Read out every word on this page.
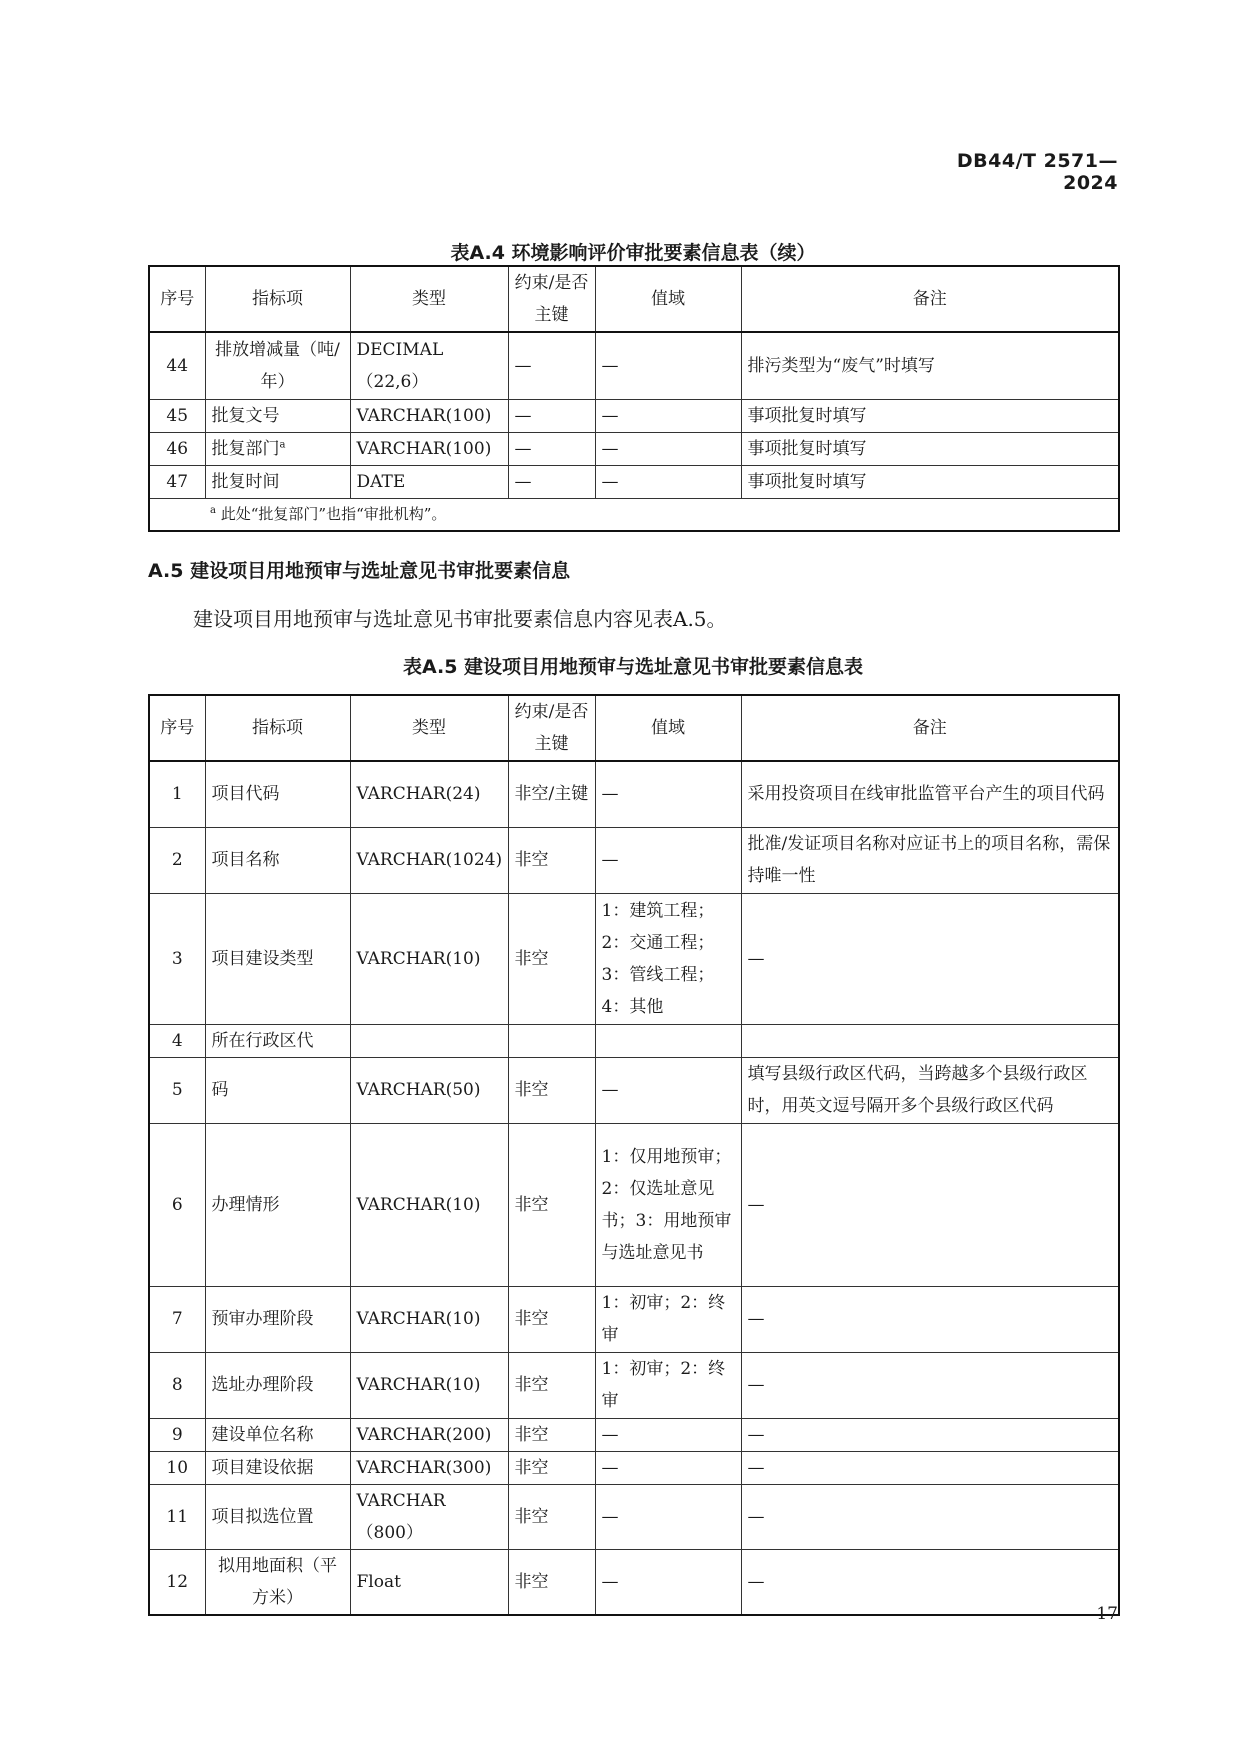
DB44/T 2571—2024
表A.4 环境影响评价审批要素信息表（续）
序号	指标项	类型	约束/是否主键	值域	备注
44	排放增减量（吨/年）	DECIMAL（22,6）	—	—	排污类型为“废气”时填写
45	批复文号	VARCHAR(100)	—	—	事项批复时填写
46	批复部门$^a$	VARCHAR(100)	—	—	事项批复时填写
47	批复时间	DATE	—	—	事项批复时填写
$^a$ 此处“批复部门”也指“审批机构”。					
A.5 建设项目用地预审与选址意见书审批要素信息
建设项目用地预审与选址意见书审批要素信息内容见表A.5。
表A.5 建设项目用地预审与选址意见书审批要素信息表
序号	指标项	类型	约束/是否主键	值域	备注
1	项目代码	VARCHAR(24)	非空/主键	—	采用投资项目在线审批监管平台产生的项目代码
2	项目名称	VARCHAR(1024)	非空	—	批准/发证项目名称对应证书上的项目名称，需保持唯一性
3	项目建设类型	VARCHAR(10)	非空	1：建筑工程；2：交通工程；3：管线工程；4：其他	—
4	所在行政区代				
5	码	VARCHAR(50)	非空	—	填写县级行政区代码，当跨越多个县级行政区时，用英文逗号隔开多个县级行政区代码
6	办理情形	VARCHAR(10)	非空	1：仅用地预审；2：仅选址意见书；3：用地预审与选址意见书	—
7	预审办理阶段	VARCHAR(10)	非空	1：初审；2：终审	—
8	选址办理阶段	VARCHAR(10)	非空	1：初审；2：终审	—
9	建设单位名称	VARCHAR(200)	非空	—	—
10	项目建设依据	VARCHAR(300)	非空	—	—
11	项目拟选位置	VARCHAR（800）	非空	—	—
12	拟用地面积（平方米）	Float	非空	—	—
17
